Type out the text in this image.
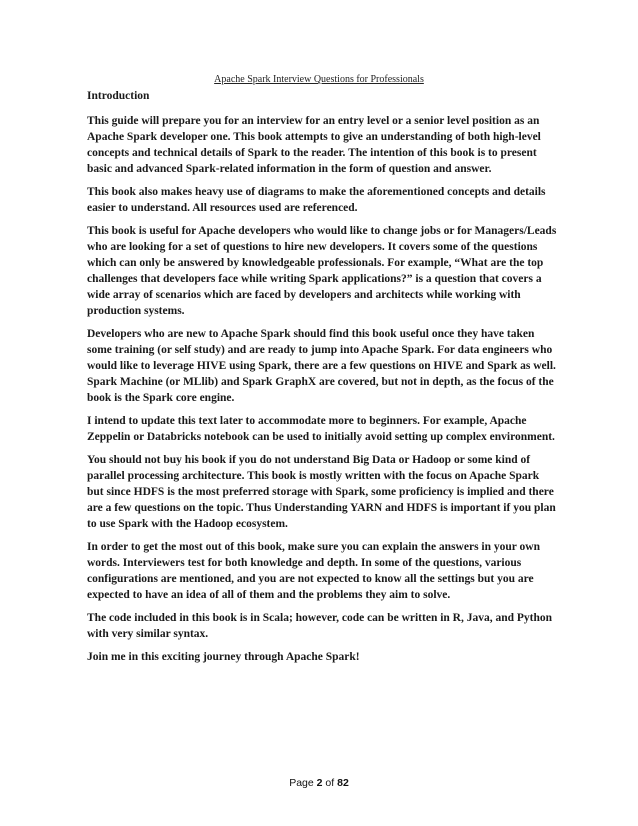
Apache Spark Interview Questions for Professionals
Introduction

This guide will prepare you for an interview for an entry level or a senior level position as an Apache Spark developer one. This book attempts to give an understanding of both high-level concepts and technical details of Spark to the reader. The intention of this book is to present basic and advanced Spark-related information in the form of question and answer.

This book also makes heavy use of diagrams to make the aforementioned concepts and details easier to understand. All resources used are referenced.

This book is useful for Apache developers who would like to change jobs or for Managers/Leads who are looking for a set of questions to hire new developers. It covers some of the questions which can only be answered by knowledgeable professionals. For example, “What are the top challenges that developers face while writing Spark applications?” is a question that covers a wide array of scenarios which are faced by developers and architects while working with production systems.

Developers who are new to Apache Spark should find this book useful once they have taken some training (or self study) and are ready to jump into Apache Spark. For data engineers who would like to leverage HIVE using Spark, there are a few questions on HIVE and Spark as well. Spark Machine (or MLlib) and Spark GraphX are covered, but not in depth, as the focus of the book is the Spark core engine.

I intend to update this text later to accommodate more to beginners. For example, Apache Zeppelin or Databricks notebook can be used to initially avoid setting up complex environment.

You should not buy his book if you do not understand Big Data or Hadoop or some kind of parallel processing architecture. This book is mostly written with the focus on Apache Spark but since HDFS is the most preferred storage with Spark, some proficiency is implied and there are a few questions on the topic. Thus Understanding YARN and HDFS is important if you plan to use Spark with the Hadoop ecosystem.

In order to get the most out of this book, make sure you can explain the answers in your own words. Interviewers test for both knowledge and depth. In some of the questions, various configurations are mentioned, and you are not expected to know all the settings but you are expected to have an idea of all of them and the problems they aim to solve.

The code included in this book is in Scala; however, code can be written in R, Java, and Python with very similar syntax.

Join me in this exciting journey through Apache Spark!

Page 2 of 82
